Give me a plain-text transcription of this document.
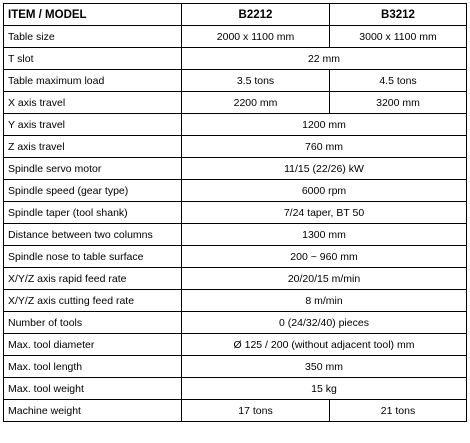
ITEM / MODEL	B2212	B3212
Table size	2000 x 1100 mm	3000 x 1100 mm
T slot	22 mm	
Table maximum load	3.5 tons	4.5 tons
X axis travel	2200 mm	3200 mm
Y axis travel	1200 mm	
Z axis travel	760 mm	
Spindle servo motor	11/15 (22/26) kW	
Spindle speed (gear type)	6000 rpm	
Spindle taper (tool shank)	7/24 taper, BT 50	
Distance between two columns	1300 mm	
Spindle nose to table surface	200 ~ 960 mm	
X/Y/Z axis rapid feed rate	20/20/15 m/min	
X/Y/Z axis cutting feed rate	8 m/min	
Number of tools	0 (24/32/40) pieces	
Max. tool diameter	Ø 125 / 200 (without adjacent tool) mm	
Max. tool length	350 mm	
Max. tool weight	15 kg	
Machine weight	17 tons	21 tons
